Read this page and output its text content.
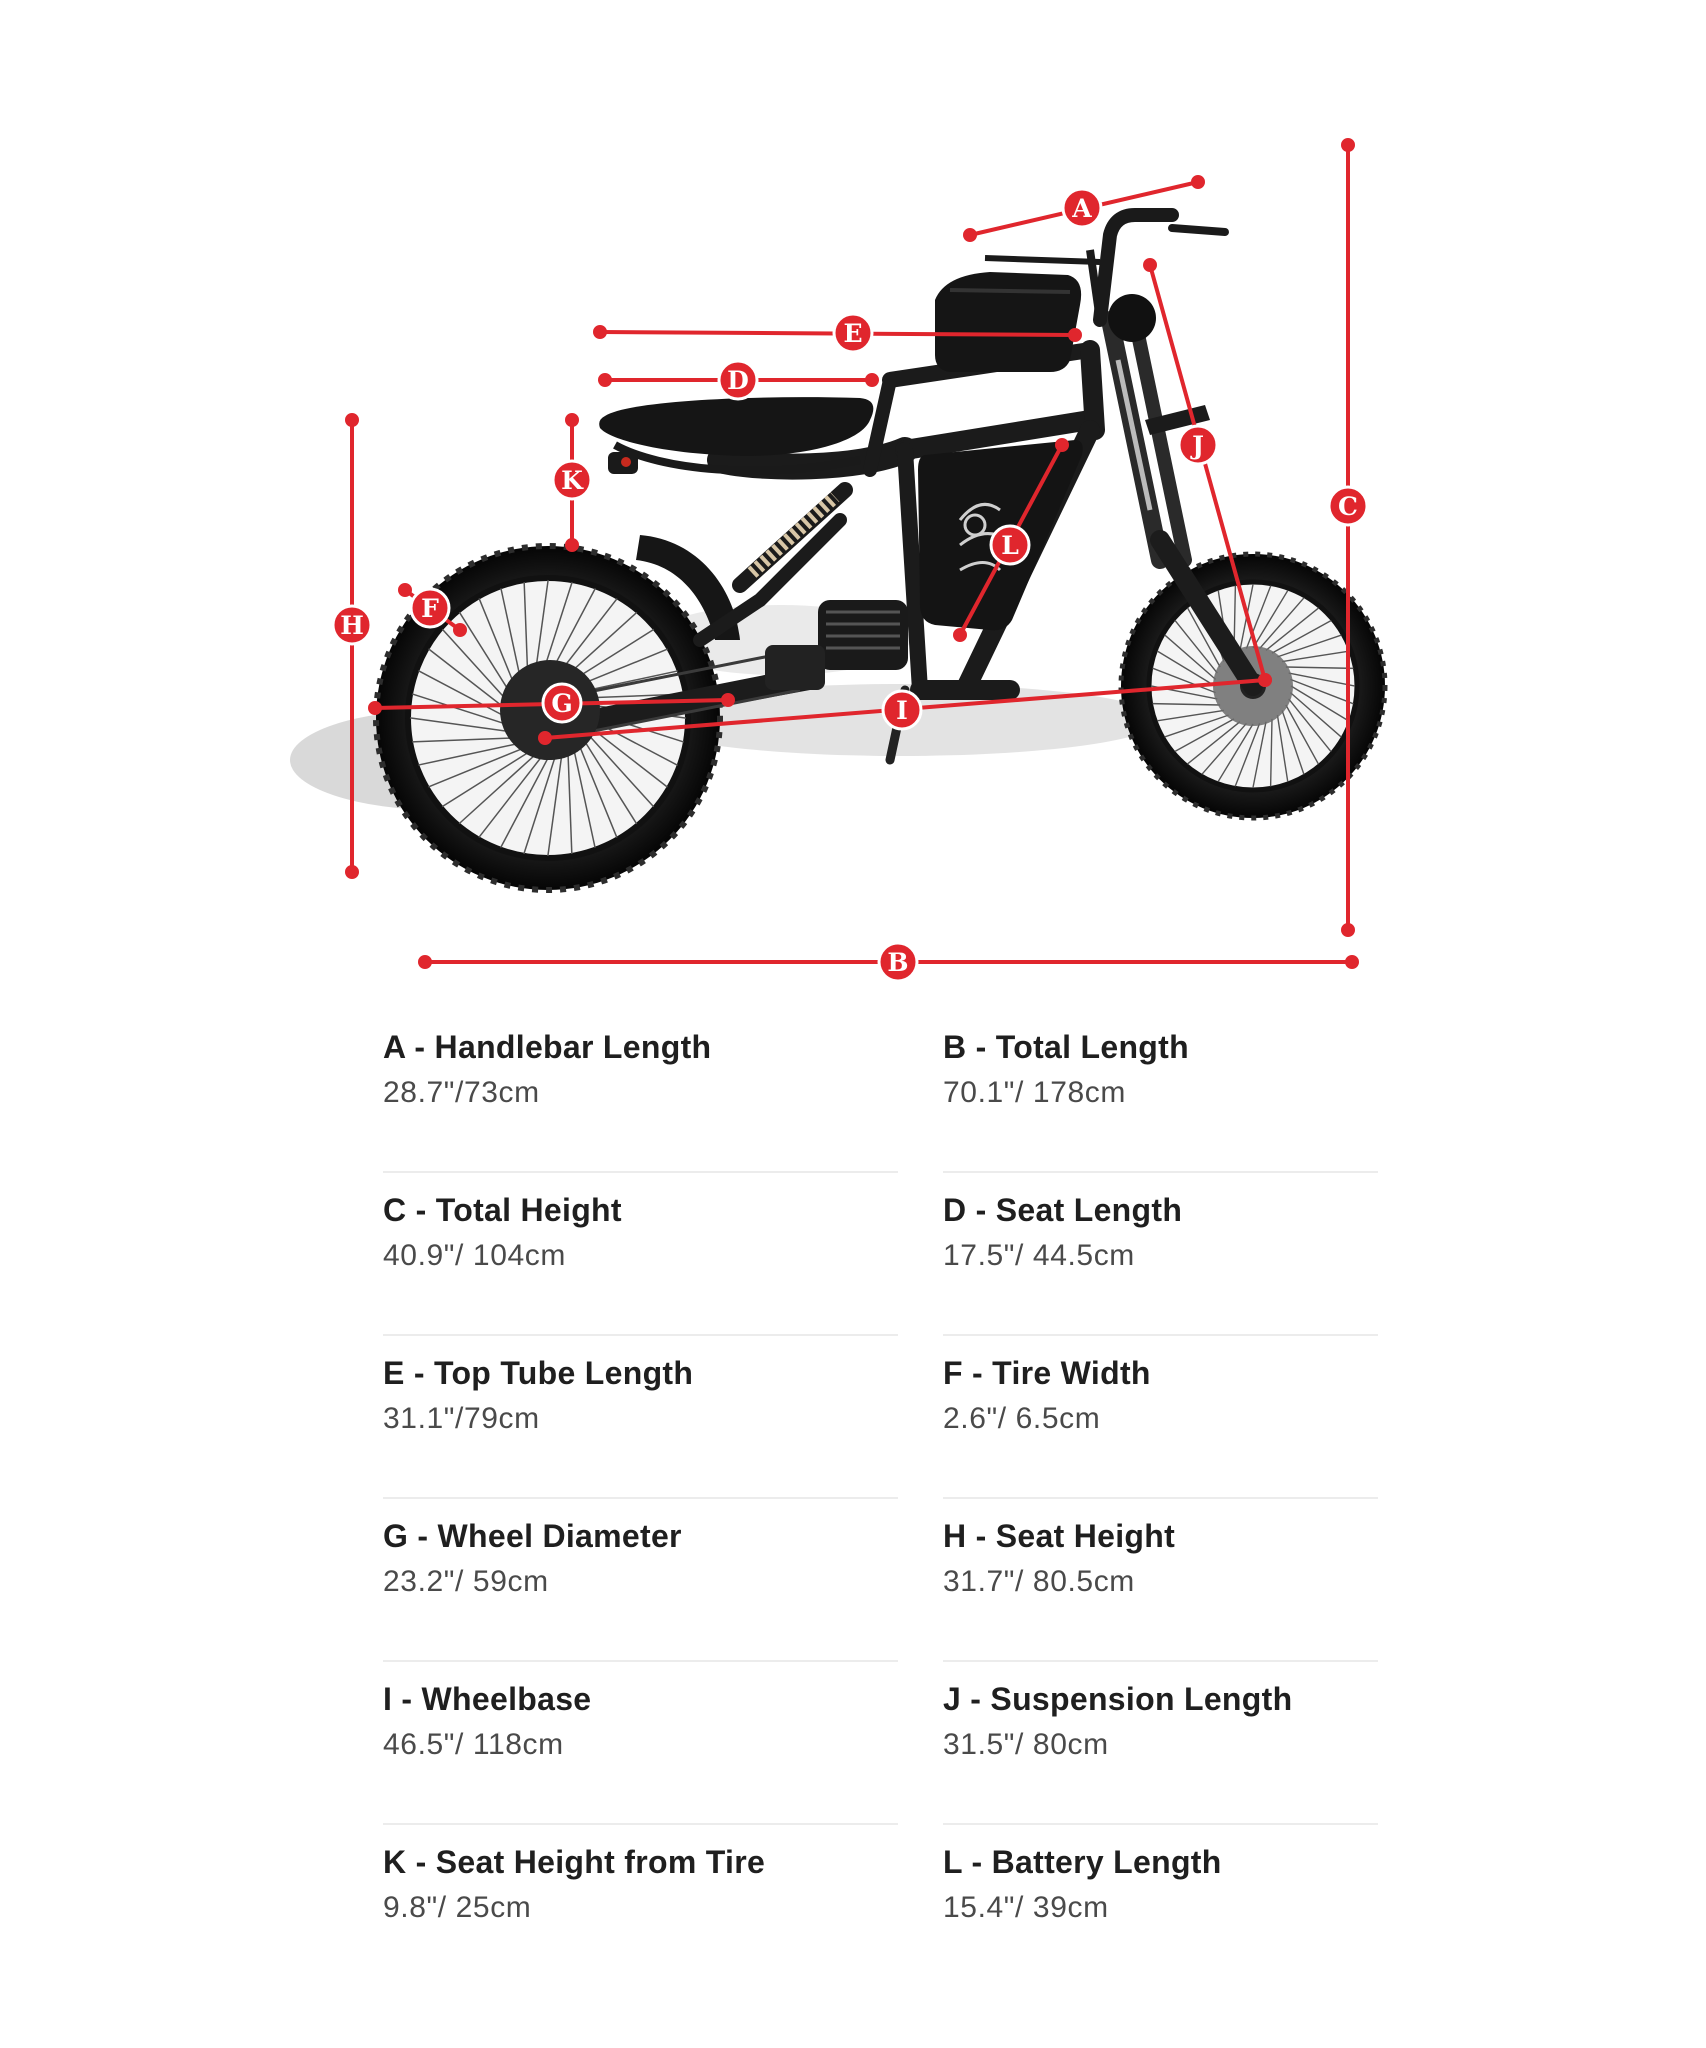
A
B
C
D
E
F
G
H
I
J
K
L
A - Handlebar Length
28.7"/73cm
B - Total Length
70.1"/ 178cm
C - Total Height
40.9"/ 104cm
D - Seat Length
17.5"/ 44.5cm
E - Top Tube Length
31.1"/79cm
F - Tire Width
2.6"/ 6.5cm
G - Wheel Diameter
23.2"/ 59cm
H - Seat Height
31.7"/ 80.5cm
I - Wheelbase
46.5"/ 118cm
J - Suspension Length
31.5"/ 80cm
K - Seat Height from Tire
9.8"/ 25cm
L - Battery Length
15.4"/ 39cm
